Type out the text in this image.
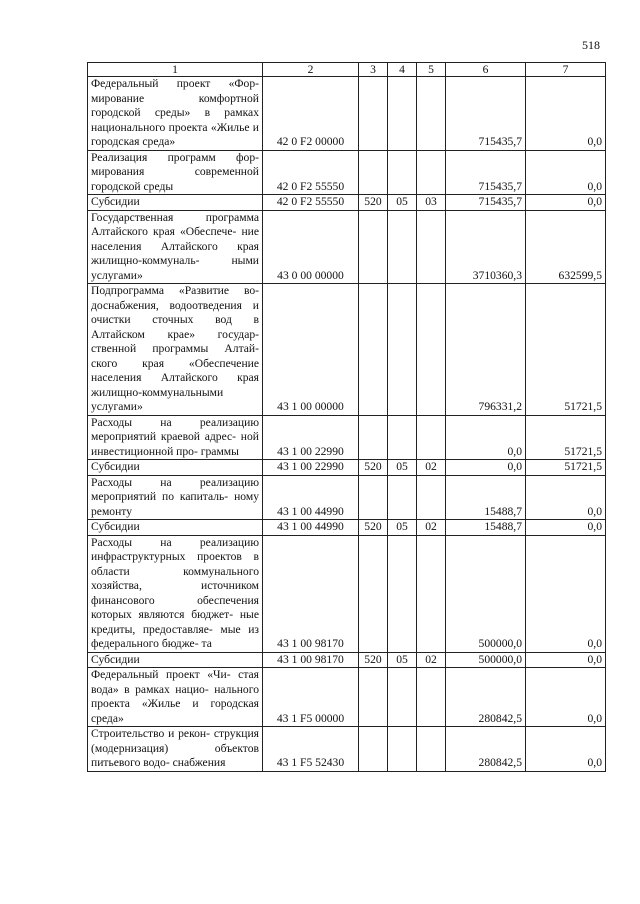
518
1	2	3	4	5	6	7
Федеральный проект «Фор- мирование комфортной городской среды» в рамках национального проекта «Жилье и городская среда»	42 0 F2 00000				715435,7	0,0
Реализация программ фор- мирования современной городской среды	42 0 F2 55550				715435,7	0,0
Субсидии	42 0 F2 55550	520	05	03	715435,7	0,0
Государственная программа Алтайского края «Обеспече- ние населения Алтайского края жилищно-коммуналь- ными услугами»	43 0 00 00000				3710360,3	632599,5
Подпрограмма «Развитие во- доснабжения, водоотведения и очистки сточных вод в Алтайском крае» государ- ственной программы Алтай- ского края «Обеспечение населения Алтайского края жилищно-коммунальными услугами»	43 1 00 00000				796331,2	51721,5
Расходы на реализацию мероприятий краевой адрес- ной инвестиционной про- граммы	43 1 00 22990				0,0	51721,5
Субсидии	43 1 00 22990	520	05	02	0,0	51721,5
Расходы на реализацию мероприятий по капиталь- ному ремонту	43 1 00 44990				15488,7	0,0
Субсидии	43 1 00 44990	520	05	02	15488,7	0,0
Расходы на реализацию инфраструктурных проектов в области коммунального хозяйства, источником финансового обеспечения которых являются бюджет- ные кредиты, предоставляе- мые из федерального бюдже- та	43 1 00 98170				500000,0	0,0
Субсидии	43 1 00 98170	520	05	02	500000,0	0,0
Федеральный проект «Чи- стая вода» в рамках нацио- нального проекта «Жилье и городская среда»	43 1 F5 00000				280842,5	0,0
Строительство и рекон- струкция (модернизация) объектов питьевого водо- снабжения	43 1 F5 52430				280842,5	0,0
